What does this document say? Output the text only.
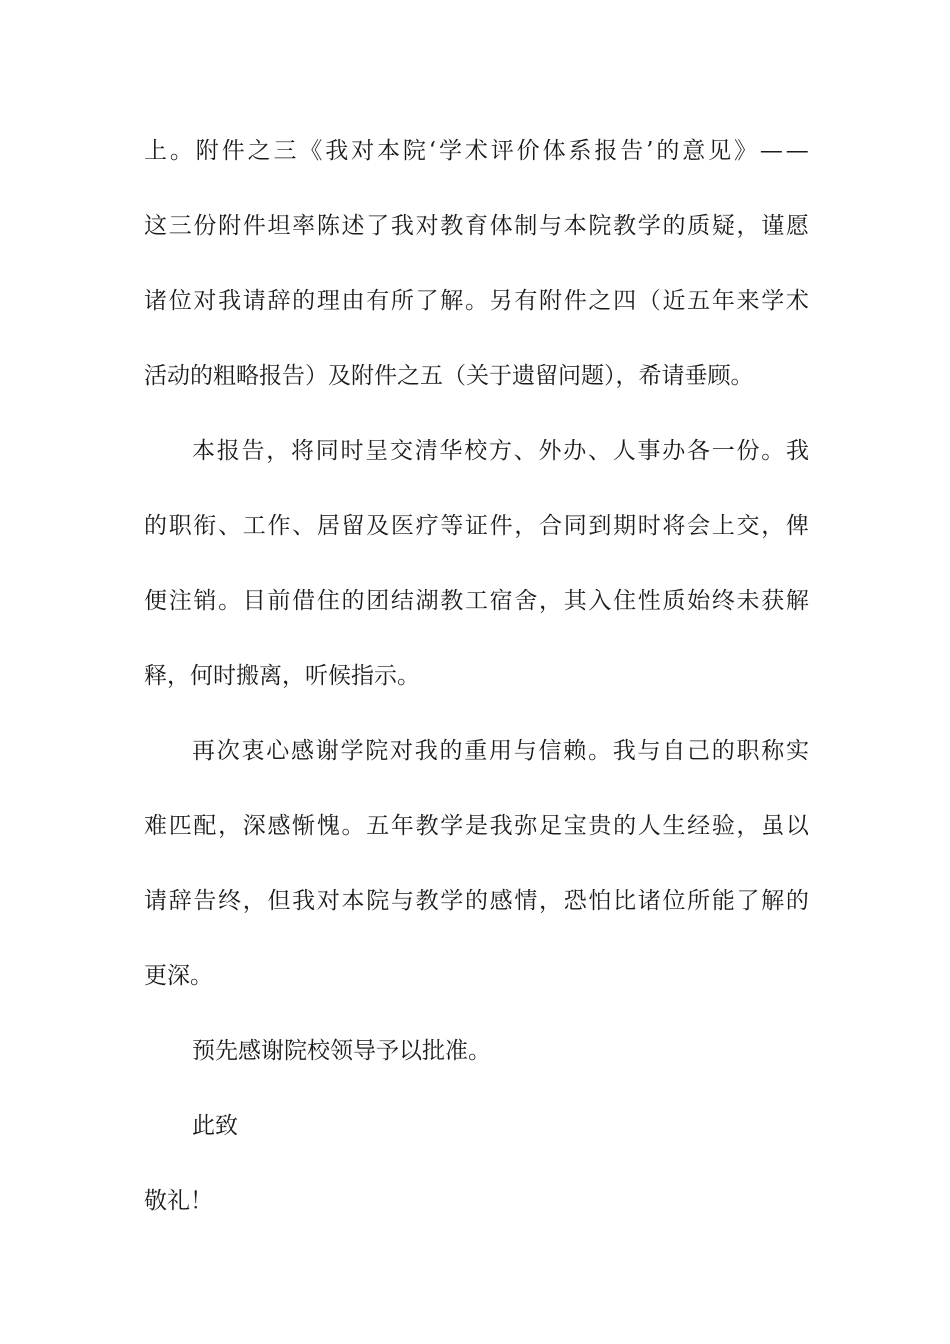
上 。 附 件 之 三 《 我 对 本 院 ‘ 学 术 评 价 体 系 报 告 ’ 的 意 见 》 — —
这 三 份 附 件 坦 率 陈 述 了 我 对 教 育 体 制 与 本 院 教 学 的 质 疑 ， 谨 愿
诸 位 对 我 请 辞 的 理 由 有 所 了 解 。 另 有 附 件 之 四 （ 近 五 年 来 学 术
活动的粗略报告）及附件之五（关于遗留问题），希请垂顾。
本 报 告 ， 将 同 时 呈 交 清 华 校 方 、 外 办 、 人 事 办 各 一 份 。 我
的 职 衔 、 工 作 、 居 留 及 医 疗 等 证 件 ， 合 同 到 期 时 将 会 上 交 ， 俾
便 注 销 。 目 前 借 住 的 团 结 湖 教 工 宿 舍 ， 其 入 住 性 质 始 终 未 获 解
释，何时搬离，听候指示。
再 次 衷 心 感 谢 学 院 对 我 的 重 用 与 信 赖 。 我 与 自 己 的 职 称 实
难 匹 配 ， 深 感 惭 愧 。 五 年 教 学 是 我 弥 足 宝 贵 的 人 生 经 验 ， 虽 以
请 辞 告 终 ， 但 我 对 本 院 与 教 学 的 感 情 ， 恐 怕 比 诸 位 所 能 了 解 的
更深。
预先感谢院校领导予以批准。
此致
敬礼！
